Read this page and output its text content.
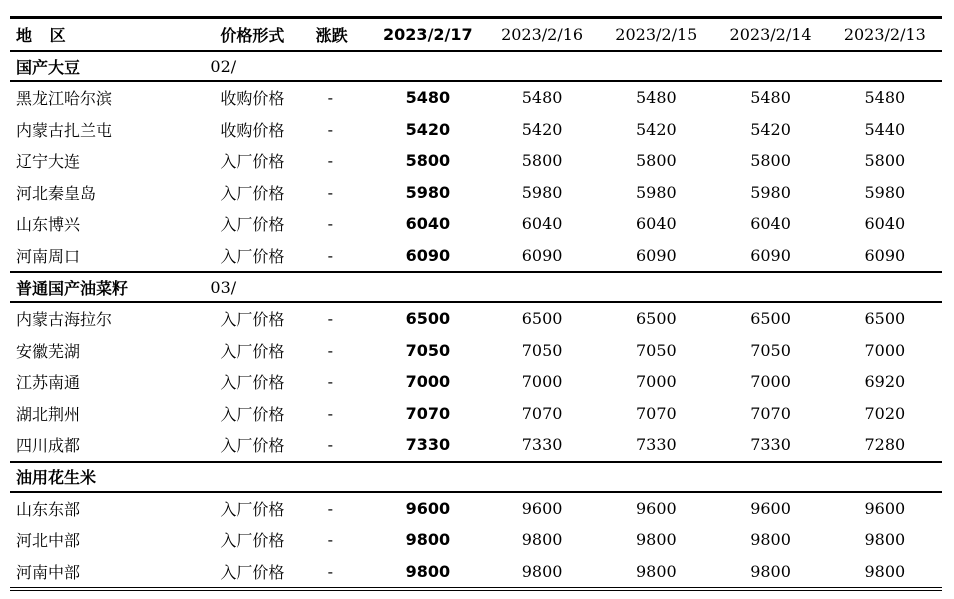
地 区	价格形式	涨跌	2023/2/17	2023/2/16	2023/2/15	2023/2/14	2023/2/13
国产大豆	02/						
黑龙江哈尔滨	收购价格	-	5480	5480	5480	5480	5480
内蒙古扎兰屯	收购价格	-	5420	5420	5420	5420	5440
辽宁大连	入厂价格	-	5800	5800	5800	5800	5800
河北秦皇岛	入厂价格	-	5980	5980	5980	5980	5980
山东博兴	入厂价格	-	6040	6040	6040	6040	6040
河南周口	入厂价格	-	6090	6090	6090	6090	6090
普通国产油菜籽	03/						
内蒙古海拉尔	入厂价格	-	6500	6500	6500	6500	6500
安徽芜湖	入厂价格	-	7050	7050	7050	7050	7000
江苏南通	入厂价格	-	7000	7000	7000	7000	6920
湖北荆州	入厂价格	-	7070	7070	7070	7070	7020
四川成都	入厂价格	-	7330	7330	7330	7330	7280
油用花生米							
山东东部	入厂价格	-	9600	9600	9600	9600	9600
河北中部	入厂价格	-	9800	9800	9800	9800	9800
河南中部	入厂价格	-	9800	9800	9800	9800	9800
